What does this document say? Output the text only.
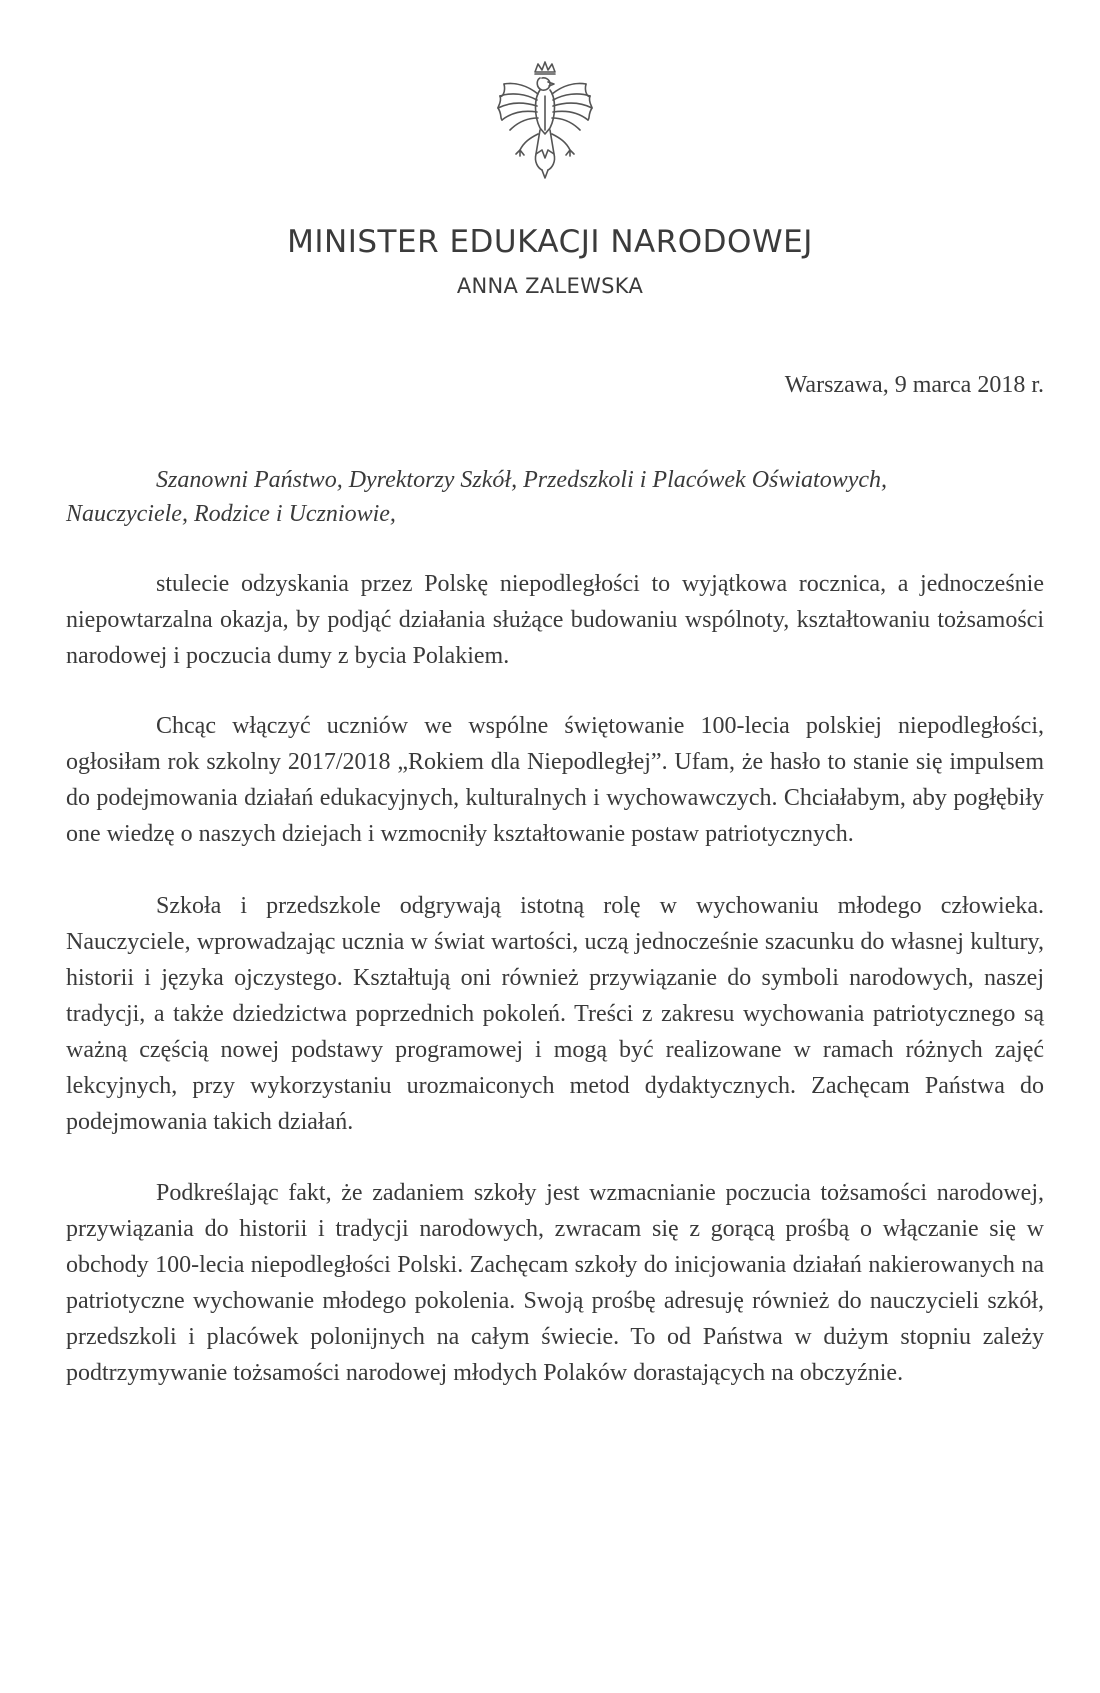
MINISTER EDUKACJI NARODOWEJ
ANNA ZALEWSKA
Warszawa, 9 marca 2018 r.
Szanowni Państwo, Dyrektorzy Szkół, Przedszkoli i Placówek Oświatowych,
Nauczyciele, Rodzice i Uczniowie,

stulecie odzyskania przez Polskę niepodległości to wyjątkowa rocznica, a jednocześnie niepowtarzalna okazja, by podjąć działania służące budowaniu wspólnoty, kształtowaniu tożsamości narodowej i poczucia dumy z bycia Polakiem.

Chcąc włączyć uczniów we wspólne świętowanie 100-lecia polskiej niepodległości, ogłosiłam rok szkolny 2017/2018 „Rokiem dla Niepodległej”. Ufam, że hasło to stanie się impulsem do podejmowania działań edukacyjnych, kulturalnych i wychowawczych. Chciałabym, aby pogłębiły one wiedzę o naszych dziejach i wzmocniły kształtowanie postaw patriotycznych.

Szkoła i przedszkole odgrywają istotną rolę w wychowaniu młodego człowieka. Nauczyciele, wprowadzając ucznia w świat wartości, uczą jednocześnie szacunku do własnej kultury, historii i języka ojczystego. Kształtują oni również przywiązanie do symboli narodowych, naszej tradycji, a także dziedzictwa poprzednich pokoleń. Treści z zakresu wychowania patriotycznego są ważną częścią nowej podstawy programowej i mogą być realizowane w ramach różnych zajęć lekcyjnych, przy wykorzystaniu urozmaiconych metod dydaktycznych. Zachęcam Państwa do podejmowania takich działań.

Podkreślając fakt, że zadaniem szkoły jest wzmacnianie poczucia tożsamości narodowej, przywiązania do historii i tradycji narodowych, zwracam się z gorącą prośbą o włączanie się w obchody 100-lecia niepodległości Polski. Zachęcam szkoły do inicjowania działań nakierowanych na patriotyczne wychowanie młodego pokolenia. Swoją prośbę adresuję również do nauczycieli szkół, przedszkoli i placówek polonijnych na całym świecie. To od Państwa w dużym stopniu zależy podtrzymywanie tożsamości narodowej młodych Polaków dorastających na obczyźnie.
